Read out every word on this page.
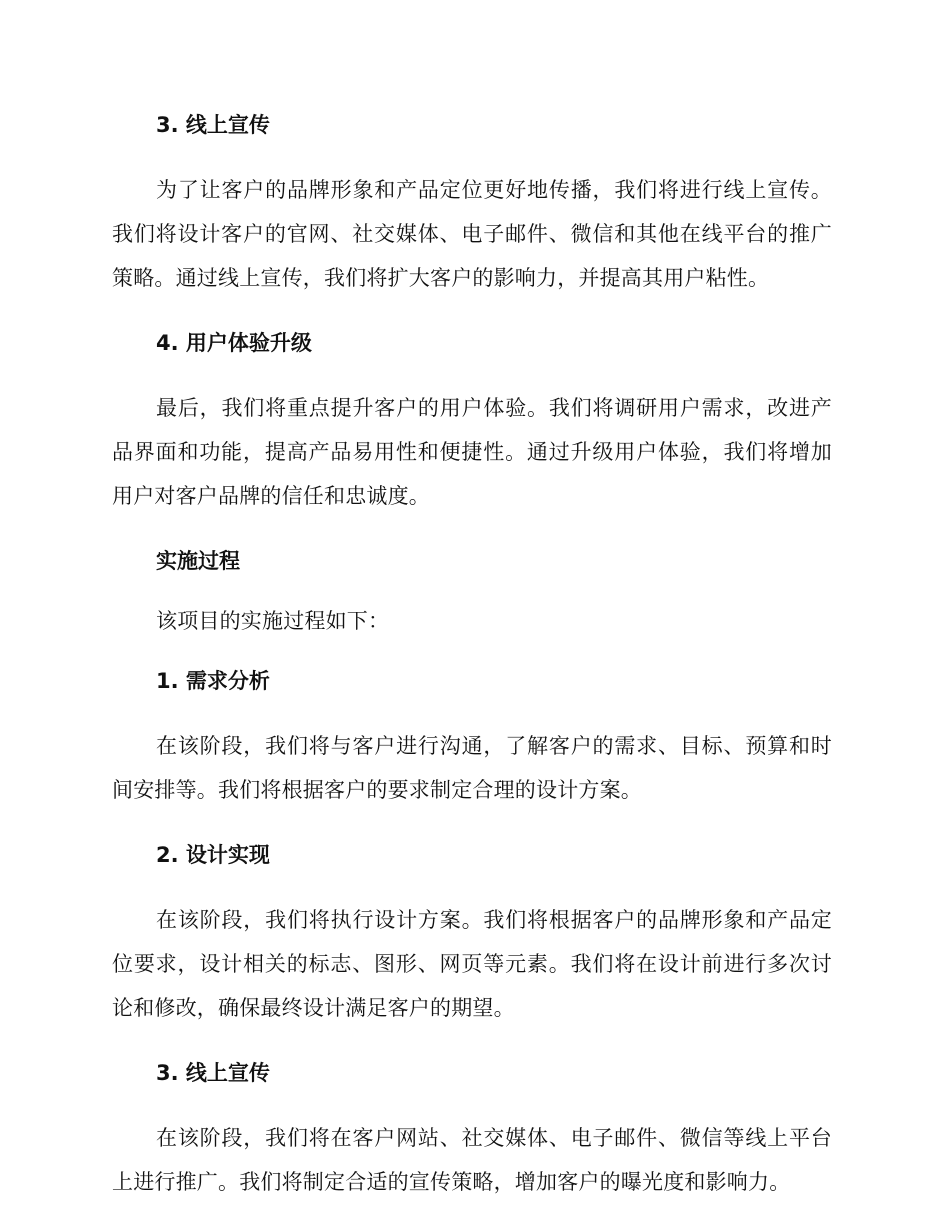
3. 线上宣传

为了让客户的品牌形象和产品定位更好地传播，我们将进行线上宣传。我们将设计客户的官网、社交媒体、电子邮件、微信和其他在线平台的推广策略。通过线上宣传，我们将扩大客户的影响力，并提高其用户粘性。

4. 用户体验升级

最后，我们将重点提升客户的用户体验。我们将调研用户需求，改进产品界面和功能，提高产品易用性和便捷性。通过升级用户体验，我们将增加用户对客户品牌的信任和忠诚度。

实施过程

该项目的实施过程如下：

1. 需求分析

在该阶段，我们将与客户进行沟通，了解客户的需求、目标、预算和时间安排等。我们将根据客户的要求制定合理的设计方案。

2. 设计实现

在该阶段，我们将执行设计方案。我们将根据客户的品牌形象和产品定位要求，设计相关的标志、图形、网页等元素。我们将在设计前进行多次讨论和修改，确保最终设计满足客户的期望。

3. 线上宣传

在该阶段，我们将在客户网站、社交媒体、电子邮件、微信等线上平台上进行推广。我们将制定合适的宣传策略，增加客户的曝光度和影响力。
